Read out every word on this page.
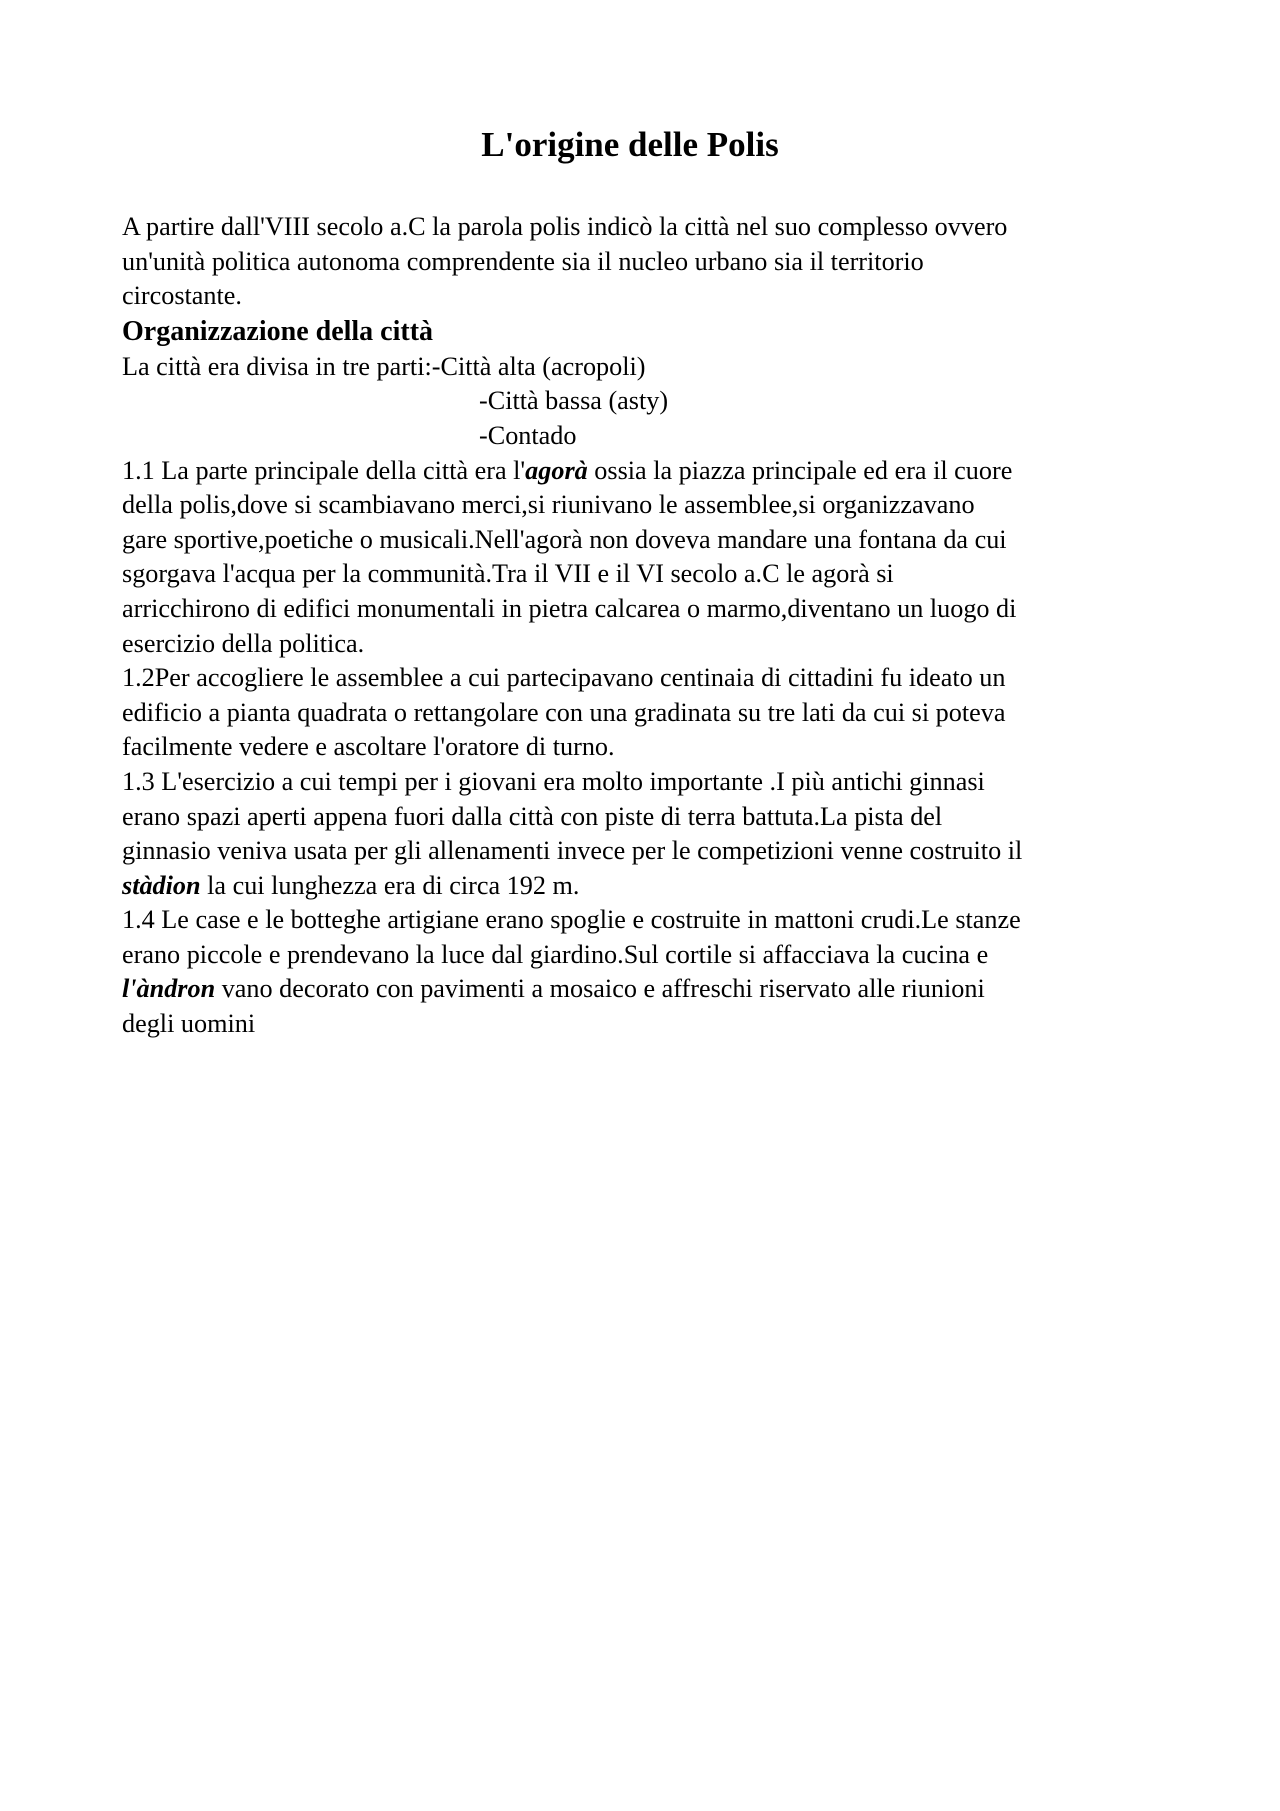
L'origine delle Polis
A partire dall'VIII secolo a.C la parola polis indicò la città nel suo complesso ovvero
un'unità politica autonoma comprendente sia il nucleo urbano sia il territorio
circostante.
Organizzazione della città
La città era divisa in tre parti:-Città alta (acropoli)
-Città bassa (asty)
-Contado
1.1 La parte principale della città era l'agorà ossia la piazza principale ed era il cuore
della polis,dove si scambiavano merci,si riunivano le assemblee,si organizzavano
gare sportive,poetiche o musicali.Nell'agorà non doveva mandare una fontana da cui
sgorgava l'acqua per la communità.Tra il VII e il VI secolo a.C le agorà si
arricchirono di edifici monumentali in pietra calcarea o marmo,diventano un luogo di
esercizio della politica.
1.2Per accogliere le assemblee a cui partecipavano centinaia di cittadini fu ideato un
edificio a pianta quadrata o rettangolare con una gradinata su tre lati da cui si poteva
facilmente vedere e ascoltare l'oratore di turno.
1.3 L'esercizio a cui tempi per i giovani era molto importante .I più antichi ginnasi
erano spazi aperti appena fuori dalla città con piste di terra battuta.La pista del
ginnasio veniva usata per gli allenamenti invece per le competizioni venne costruito il
stàdion la cui lunghezza era di circa 192 m.
1.4 Le case e le botteghe artigiane erano spoglie e costruite in mattoni crudi.Le stanze
erano piccole e prendevano la luce dal giardino.Sul cortile si affacciava la cucina e
l'àndron vano decorato con pavimenti a mosaico e affreschi riservato alle riunioni
degli uomini
